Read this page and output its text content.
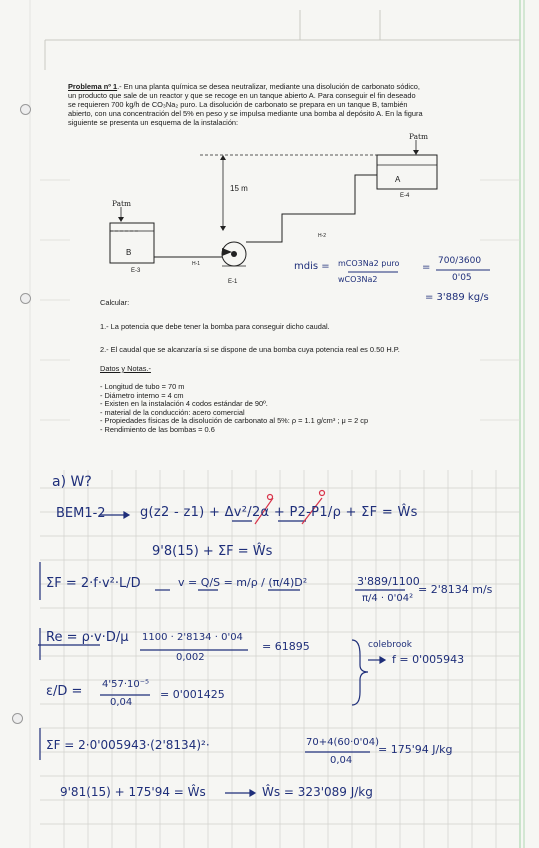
Problema nº 1.- En una planta química se desea neutralizar, mediante una disolución de carbonato sódico,
un producto que sale de un reactor y que se recoge en un tanque abierto A. Para conseguir el fin deseado
se requieren 700 kg/h de CO₃Na₂ puro. La disolución de carbonato se prepara en un tanque B, también
abierto, con una concentración del 5% en peso y se impulsa mediante una bomba al depósito A. En la figura
siguiente se presenta un esquema de la instalación:
Patm
Patm
A
E-4
B
E-3
15 m
E-1
H-1
H-2
mdis = mCO3Na2 puro
wCO3Na2
700/3600
0'05
= 3'889 kg/s
=
Calcular:
1.- La potencia que debe tener la bomba para conseguir dicho caudal.
2.- El caudal que se alcanzaría si se dispone de una bomba cuya potencia real es 0.50 H.P.
Datos y Notas.-
- Longitud de tubo = 70 m
- Diámetro interno = 4 cm
- Existen en la instalación 4 codos estándar de 90º.
- material de la conducción: acero comercial
- Propiedades físicas de la disolución de carbonato al 5%: ρ = 1.1 g/cm³ ; μ = 2 cp
- Rendimiento de las bombas = 0.6
a) W?
BEM1-2	g(z2 - z1) + Δv²/2α + P2-P1/ρ + ΣF = Ŵs
9'8(15) + ΣF = Ŵs
ΣF = 2·f·v²·L/D	v = Q/S = m/ρ / (π/4)D²	3'889/1100
π/4 · 0'04²
= 2'8134 m/s
Re = ρ·v·D/μ 1100 · 2'8134 · 0'04
0,002
= 61895	colebrook
f = 0'005943
ε/D = 4'57·10⁻⁵
0,04
= 0'001425
ΣF = 2·0'005943·(2'8134)²·	70+4(60·0'04)
0,04
= 175'94 J/kg
9'81(15) + 175'94 = Ŵs	Ŵs = 323'089 J/kg
